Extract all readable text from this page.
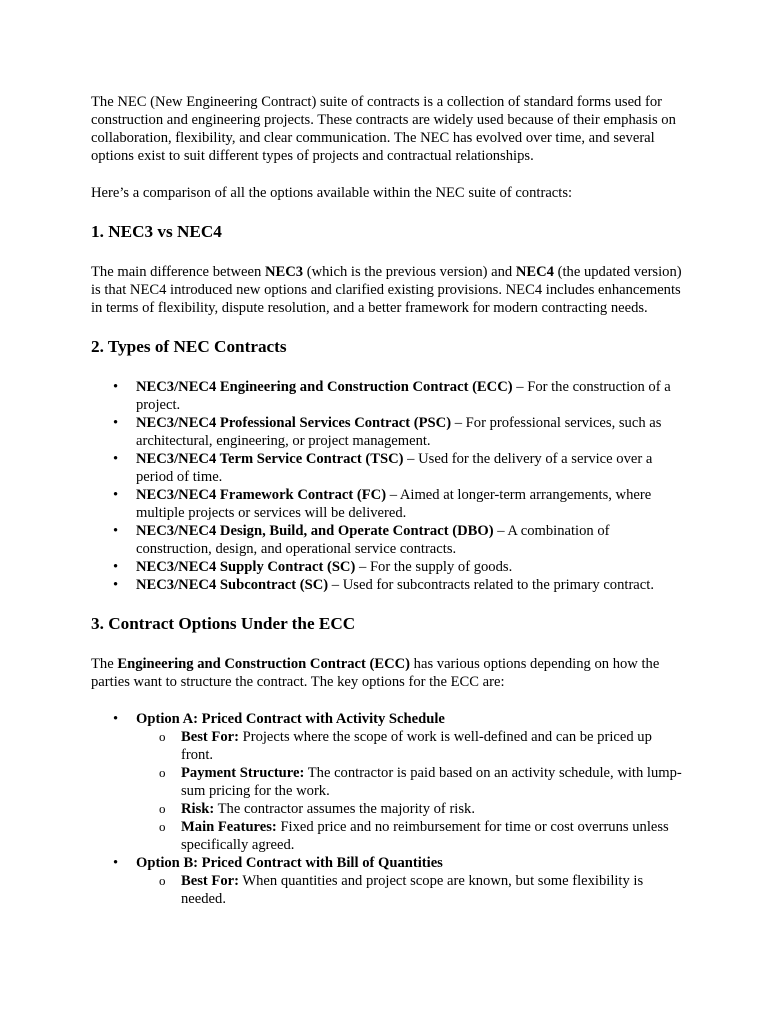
The NEC (New Engineering Contract) suite of contracts is a collection of standard forms used for construction and engineering projects. These contracts are widely used because of their emphasis on collaboration, flexibility, and clear communication. The NEC has evolved over time, and several options exist to suit different types of projects and contractual relationships.

Here’s a comparison of all the options available within the NEC suite of contracts:

1. NEC3 vs NEC4

The main difference between NEC3 (which is the previous version) and NEC4 (the updated version) is that NEC4 introduced new options and clarified existing provisions. NEC4 includes enhancements in terms of flexibility, dispute resolution, and a better framework for modern contracting needs.

2. Types of NEC Contracts
• NEC3/NEC4 Engineering and Construction Contract (ECC) – For the construction of a project.
• NEC3/NEC4 Professional Services Contract (PSC) – For professional services, such as architectural, engineering, or project management.
• NEC3/NEC4 Term Service Contract (TSC) – Used for the delivery of a service over a period of time.
• NEC3/NEC4 Framework Contract (FC) – Aimed at longer-term arrangements, where multiple projects or services will be delivered.
• NEC3/NEC4 Design, Build, and Operate Contract (DBO) – A combination of construction, design, and operational service contracts.
• NEC3/NEC4 Supply Contract (SC) – For the supply of goods.
• NEC3/NEC4 Subcontract (SC) – Used for subcontracts related to the primary contract.
3. Contract Options Under the ECC

The Engineering and Construction Contract (ECC) has various options depending on how the parties want to structure the contract. The key options for the ECC are:

• Option A: Priced Contract with Activity Schedule
o Best For: Projects where the scope of work is well-defined and can be priced up front.
o Payment Structure: The contractor is paid based on an activity schedule, with lump-sum pricing for the work.
o Risk: The contractor assumes the majority of risk.
o Main Features: Fixed price and no reimbursement for time or cost overruns unless specifically agreed.
• Option B: Priced Contract with Bill of Quantities
o Best For: When quantities and project scope are known, but some flexibility is needed.
